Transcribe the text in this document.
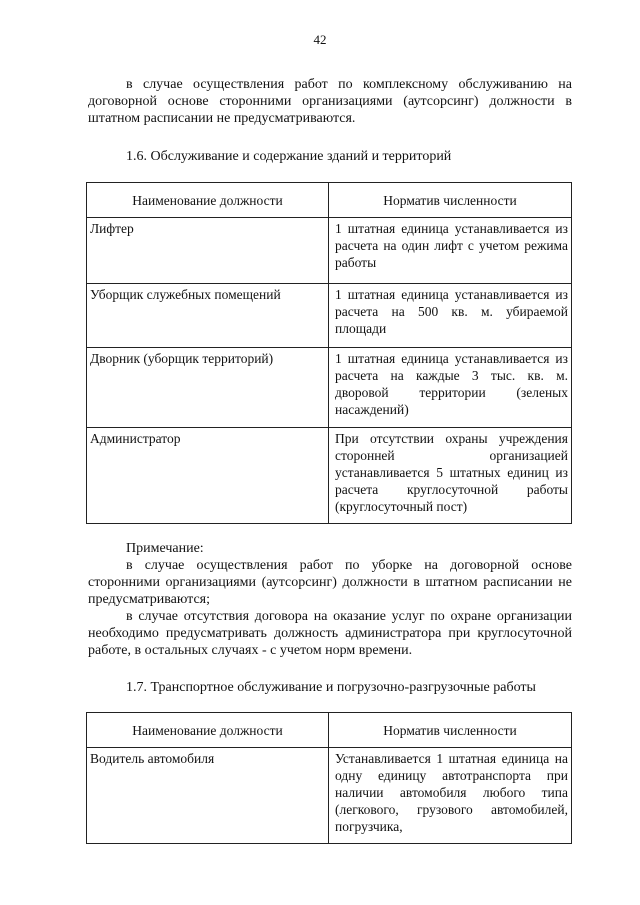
42
в случае осуществления работ по комплексному обслуживанию на договорной основе сторонними организациями (аутсорсинг) должности в штатном расписании не предусматриваются.
1.6. Обслуживание и содержание зданий и территорий
Наименование должности	Норматив численности
Лифтер	1 штатная единица устанавливается из расчета на один лифт с учетом режима работы
Уборщик служебных помещений	1 штатная единица устанавливается из расчета на 500 кв. м. убираемой площади
Дворник (уборщик территорий)	1 штатная единица устанавливается из расчета на каждые 3 тыс. кв. м. дворовой территории (зеленых насаждений)
Администратор	При отсутствии охраны учреждения сторонней организацией устанавливается 5 штатных единиц из расчета круглосуточной работы (круглосуточный пост)
Примечание:

в случае осуществления работ по уборке на договорной основе сторонними организациями (аутсорсинг) должности в штатном расписании не предусматриваются;

в случае отсутствия договора на оказание услуг по охране организации необходимо предусматривать должность администратора при круглосуточной работе, в остальных случаях - с учетом норм времени.

1.7. Транспортное обслуживание и погрузочно-разгрузочные работы
Наименование должности	Норматив численности
Водитель автомобиля	Устанавливается 1 штатная единица на одну единицу автотранспорта при наличии автомобиля любого типа (легкового, грузового автомобилей, погрузчика,
